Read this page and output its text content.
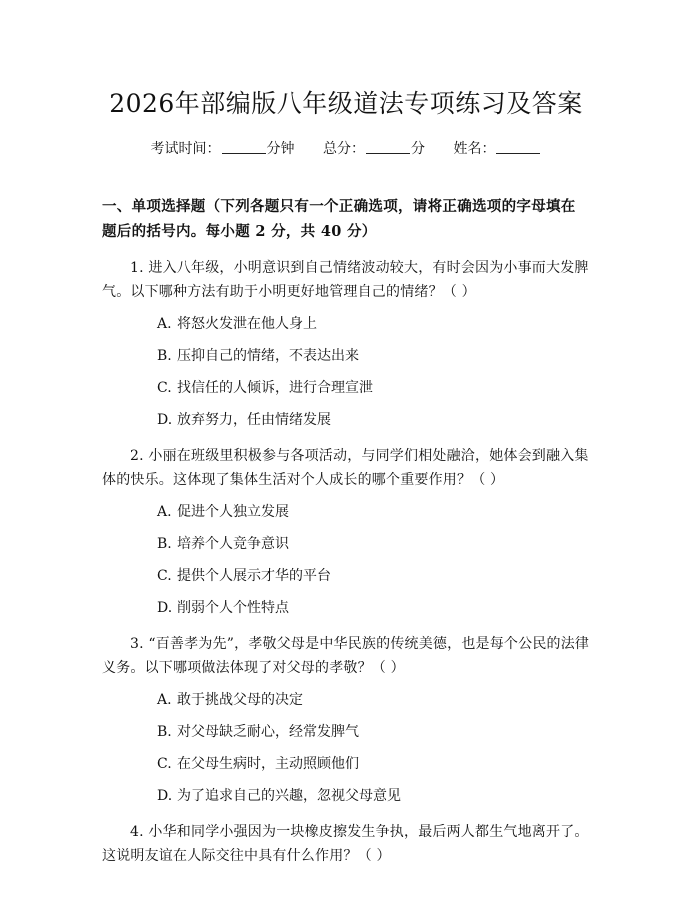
2026年部编版八年级道法专项练习及答案
考试时间：	分钟 总分：	分 姓名：
一、单项选择题（下列各题只有一个正确选项，请将正确选项的字母填在题后的括号内。每小题 2 分，共 40 分）
1. 进入八年级，小明意识到自己情绪波动较大，有时会因为小事而大发脾气。以下哪种方法有助于小明更好地管理自己的情绪？（ ）
A. 将怒火发泄在他人身上
B. 压抑自己的情绪，不表达出来
C. 找信任的人倾诉，进行合理宣泄
D. 放弃努力，任由情绪发展
2. 小丽在班级里积极参与各项活动，与同学们相处融洽，她体会到融入集体的快乐。这体现了集体生活对个人成长的哪个重要作用？（ ）
A. 促进个人独立发展
B. 培养个人竞争意识
C. 提供个人展示才华的平台
D. 削弱个人个性特点
3. “百善孝为先”，孝敬父母是中华民族的传统美德，也是每个公民的法律义务。以下哪项做法体现了对父母的孝敬？（ ）
A. 敢于挑战父母的决定
B. 对父母缺乏耐心，经常发脾气
C. 在父母生病时，主动照顾他们
D. 为了追求自己的兴趣，忽视父母意见
4. 小华和同学小强因为一块橡皮擦发生争执，最后两人都生气地离开了。这说明友谊在人际交往中具有什么作用？（ ）
